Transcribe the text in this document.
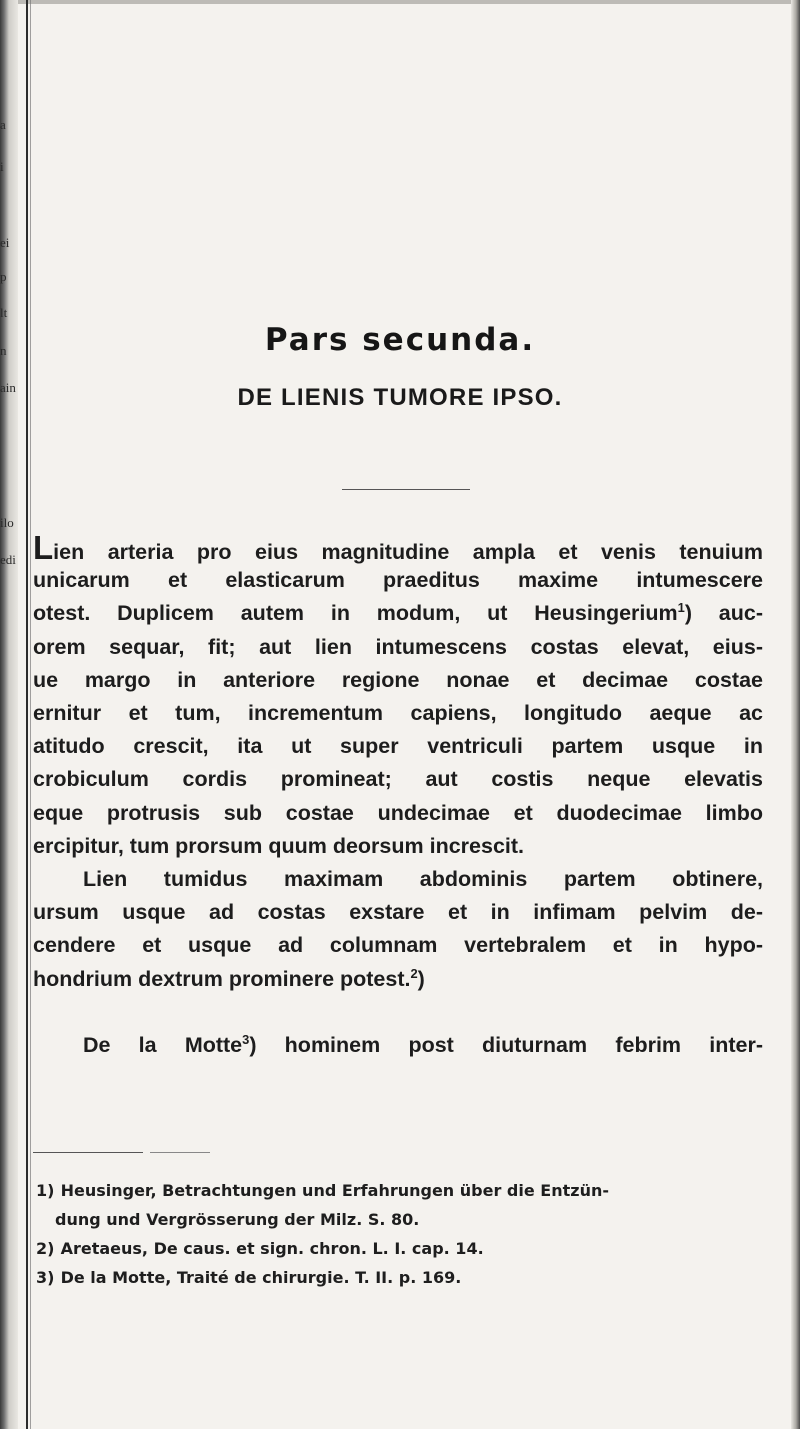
a
i
ei
p
lt
n
ain
ilo
edi
Pars secunda.
DE LIENIS TUMORE IPSO.

Lien arteria pro eius magnitudine ampla et venis tenuium
unicarum et elasticarum praeditus maxime intumescere
otest. Duplicem autem in modum, ut Heusingerium$^1$) auc-
orem sequar, fit; aut lien intumescens costas elevat, eius-
ue margo in anteriore regione nonae et decimae costae
ernitur et tum, incrementum capiens, longitudo aeque ac
atitudo crescit, ita ut super ventriculi partem usque in
crobiculum cordis promineat; aut costis neque elevatis
eque protrusis sub costae undecimae et duodecimae limbo
ercipitur, tum prorsum quum deorsum increscit.

Lien tumidus maximam abdominis partem obtinere,
ursum usque ad costas exstare et in infimam pelvim de-
cendere et usque ad columnam vertebralem et in hypo-
hondrium dextrum prominere potest.$^2$)

De la Motte$^3$) hominem post diuturnam febrim inter-

1) Heusinger, Betrachtungen und Erfahrungen über die Entzün-
dung und Vergrösserung der Milz. S. 80.
2) Aretaeus, De caus. et sign. chron. L. I. cap. 14.
3) De la Motte, Traité de chirurgie. T. II. p. 169.
